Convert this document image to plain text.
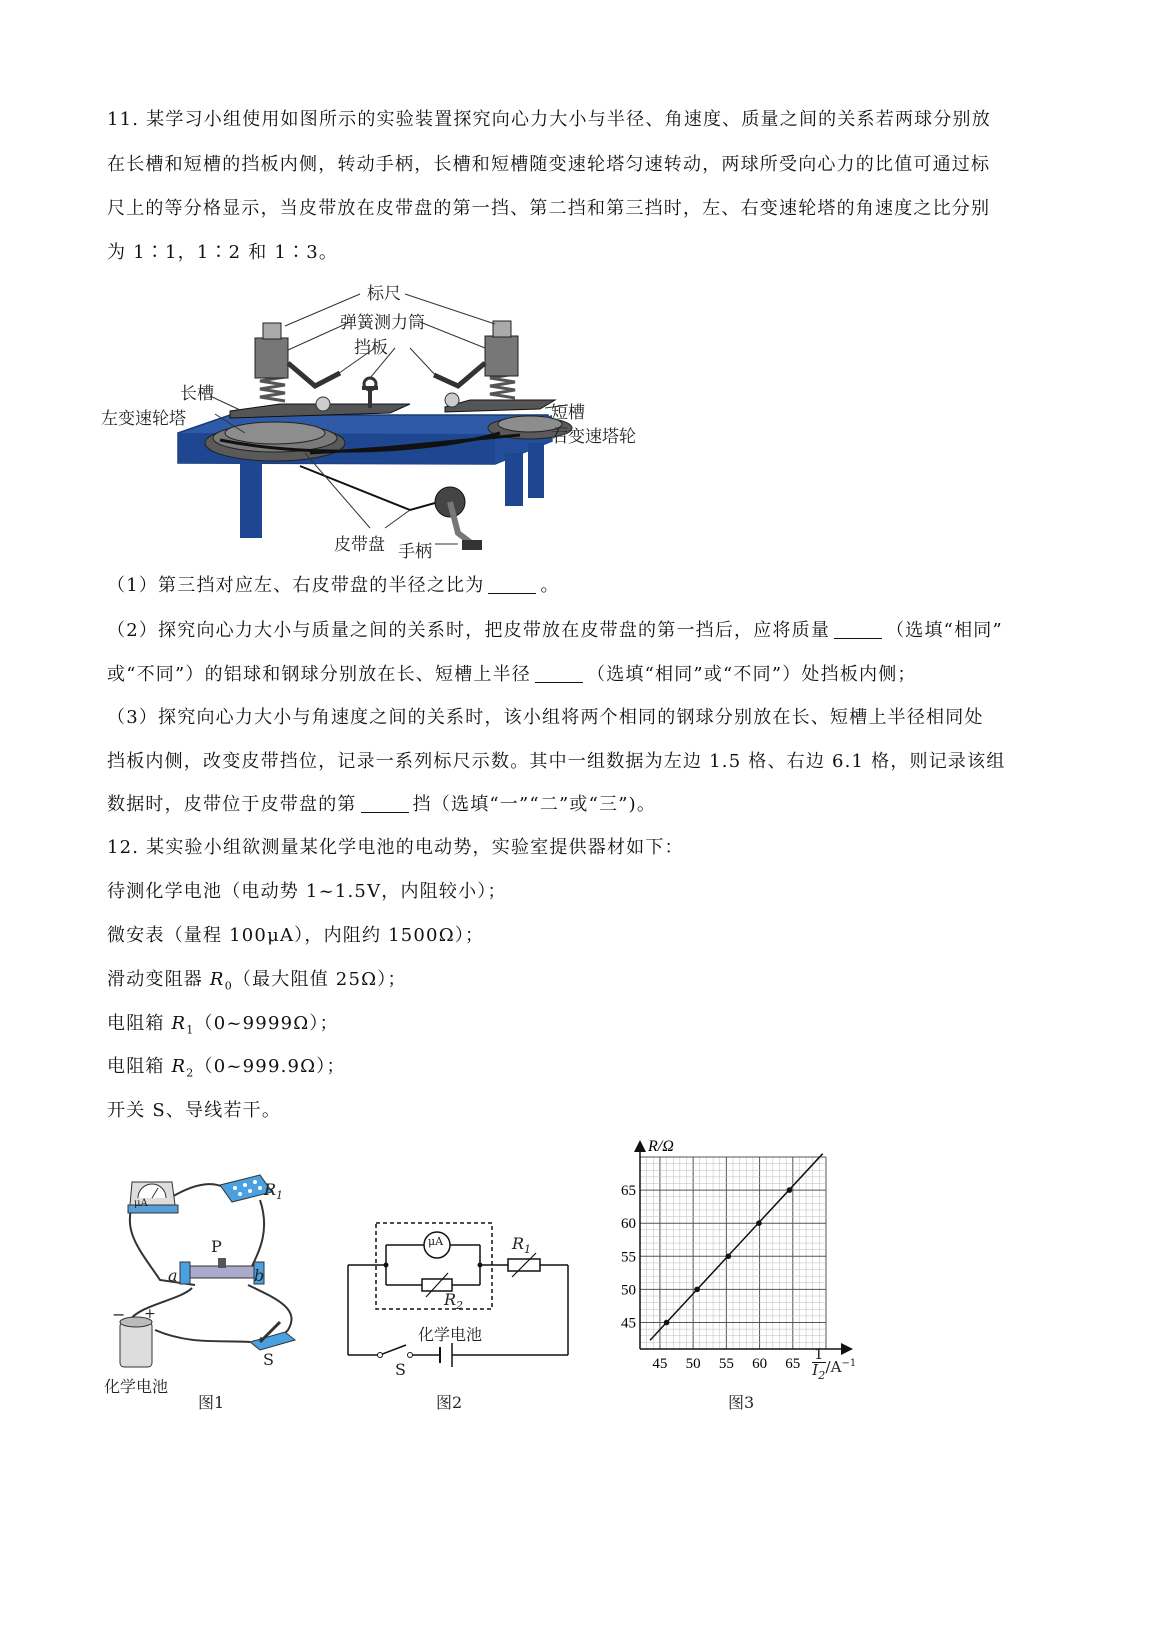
11. 某学习小组使用如图所示的实验装置探究向心力大小与半径、角速度、质量之间的关系若两球分别放
在长槽和短槽的挡板内侧，转动手柄，长槽和短槽随变速轮塔匀速转动，两球所受向心力的比值可通过标
尺上的等分格显示，当皮带放在皮带盘的第一挡、第二挡和第三挡时，左、右变速轮塔的角速度之比分别
为 1∶1，1∶2 和 1∶3。
标尺
弹簧测力筒
挡板
长槽
左变速轮塔	短槽
右变速塔轮
皮带盘 手柄
（1）第三挡对应左、右皮带盘的半径之比为	。
（2）探究向心力大小与质量之间的关系时，把皮带放在皮带盘的第一挡后，应将质量	（选填“相同”
或“不同”）的铝球和钢球分别放在长、短槽上半径	（选填“相同”或“不同”）处挡板内侧；
（3）探究向心力大小与角速度之间的关系时，该小组将两个相同的钢球分别放在长、短槽上半径相同处
挡板内侧，改变皮带挡位，记录一系列标尺示数。其中一组数据为左边 1.5 格、右边 6.1 格，则记录该组
数据时，皮带位于皮带盘的第	挡（选填“一”“二”或“三”)。
12. 某实验小组欲测量某化学电池的电动势，实验室提供器材如下：
待测化学电池（电动势 1~1.5V，内阻较小）；
微安表（量程 100μA），内阻约 1500Ω）；
滑动变阻器 $R_0$（最大阻值 25Ω）；
电阻箱 $R_1(0\sim 9999\Omega)$；
电阻箱 $R_2(0\sim 999.9\Omega)$；
开关 S、导线若干。
− +
μA
$R_1$
P
a	b
S
化学电池
图1
μA	$R_1$
$R_2$
化学电池
S
图2
45 50 55 60 65
45
50
55
60
65
R/Ω
$\frac{1}{I_2} /A^{-1}$
图3
